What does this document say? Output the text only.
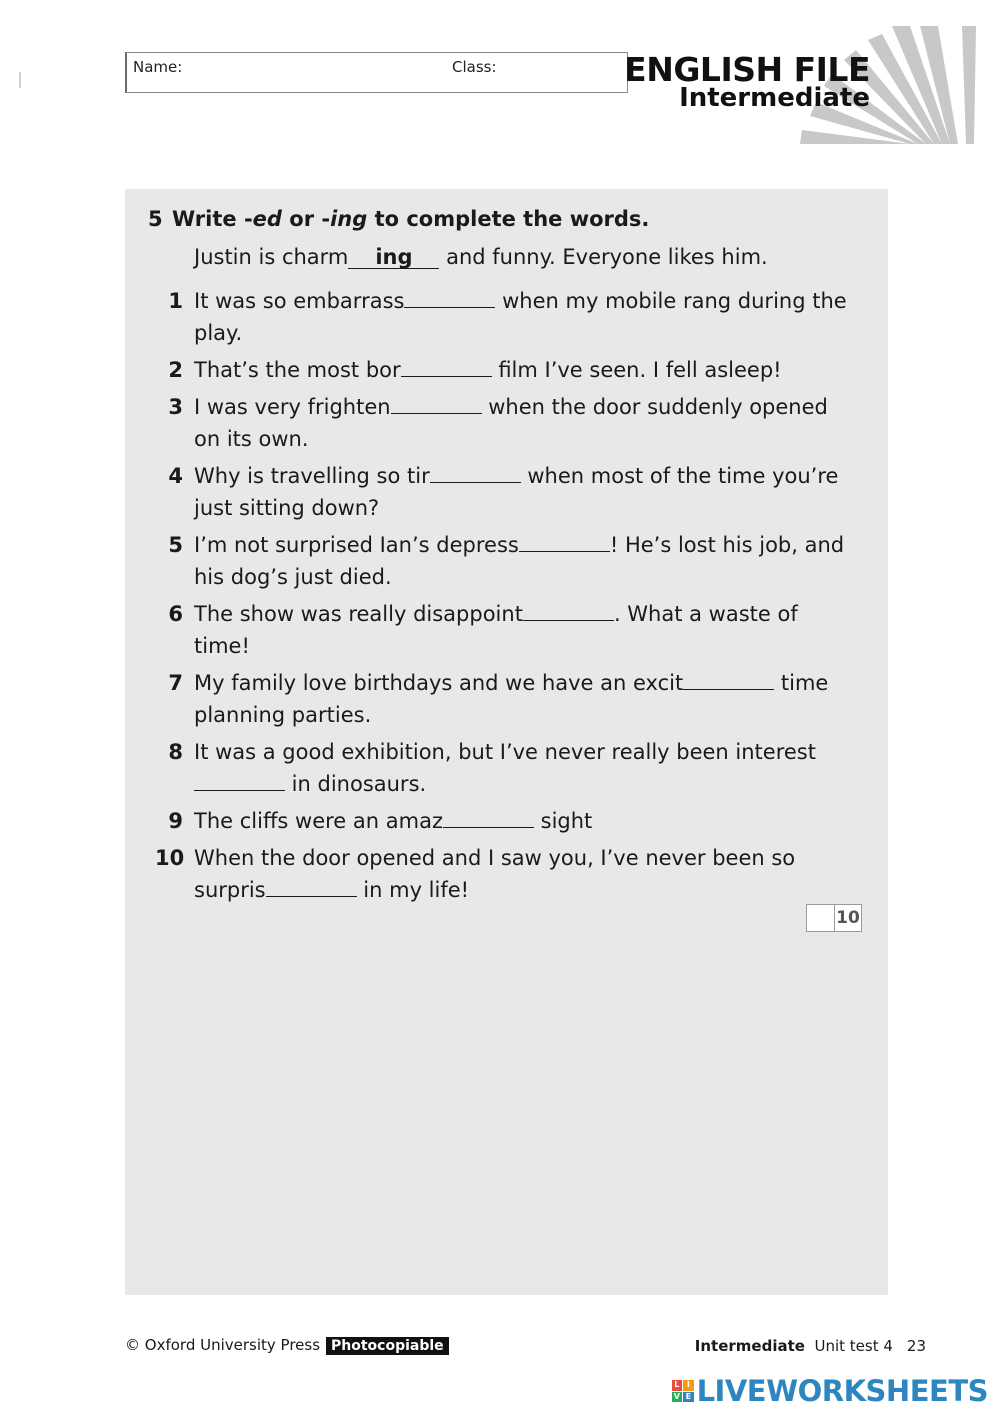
Name:	Class:	ENGLISH FILE
Intermediate
5 Write -ed or -ing to complete the words.
Justin is charm ing and funny. Everyone likes him.
1 It was so embarrass	when my mobile rang during the play.
2 That’s the most bor	film I’ve seen. I fell asleep!
3 I was very frighten	when the door suddenly opened on its own.
4 Why is travelling so tir	when most of the time you’re just sitting down?
5 I’m not surprised Ian’s depress	! He’s lost his job, and his dog’s just died.
6 The show was really disappoint	. What a waste of time!
7 My family love birthdays and we have an excit	time planning parties.
8 It was a good exhibition, but I’ve never really been interest in dinosaurs.
9 The cliffs were an amaz	sight
10 When the door opened and I saw you, I’ve never been so surpris	in my life!
10
© Oxford University Press Photocopiable	Intermediate Unit test 4 23
L I
V E LIVEWORKSHEETS
